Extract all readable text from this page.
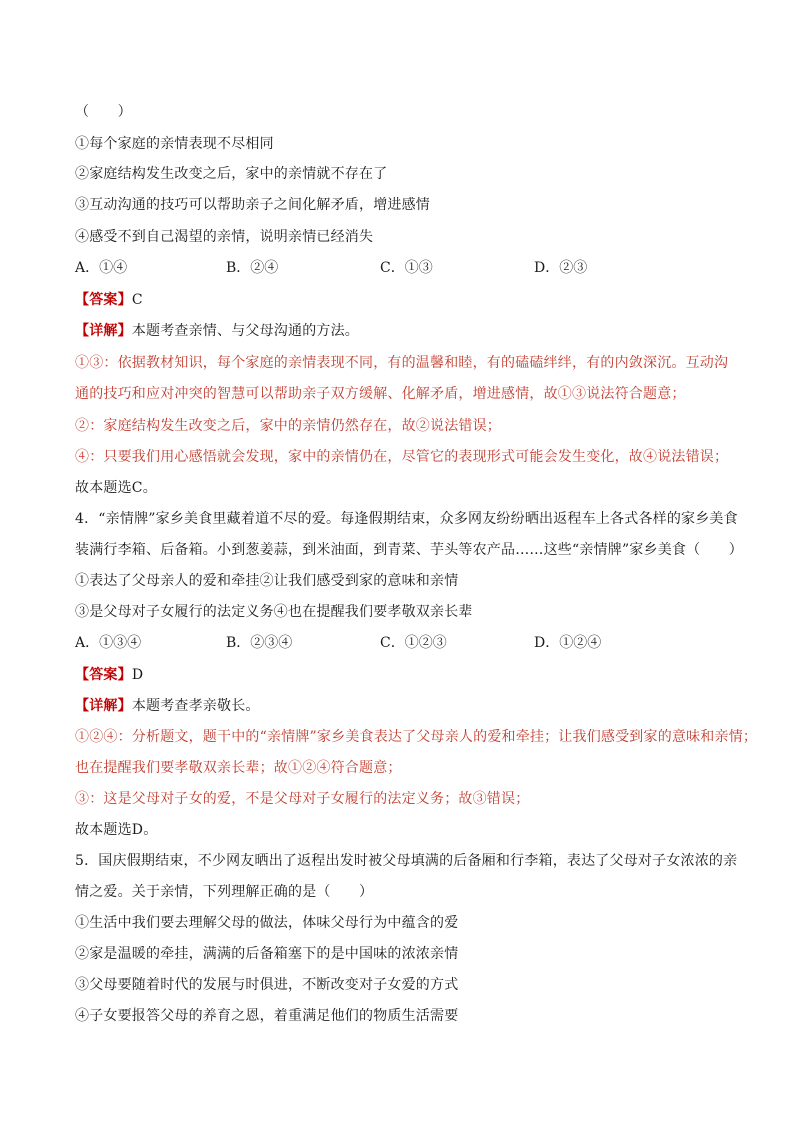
（　　）
①每个家庭的亲情表现不尽相同
②家庭结构发生改变之后，家中的亲情就不存在了
③互动沟通的技巧可以帮助亲子之间化解矛盾，增进感情
④感受不到自己渴望的亲情，说明亲情已经消失
A．①④	B．②④	C．①③	D．②③
【答案】C
【详解】本题考查亲情、与父母沟通的方法。
①③：依据教材知识，每个家庭的亲情表现不同，有的温馨和睦，有的磕磕绊绊，有的内敛深沉。互动沟
通的技巧和应对冲突的智慧可以帮助亲子双方缓解、化解矛盾，增进感情，故①③说法符合题意；
②：家庭结构发生改变之后，家中的亲情仍然存在，故②说法错误；
④：只要我们用心感悟就会发现，家中的亲情仍在，尽管它的表现形式可能会发生变化，故④说法错误；
故本题选C。
4．“亲情牌”家乡美食里藏着道不尽的爱。每逢假期结束，众多网友纷纷晒出返程车上各式各样的家乡美食
装满行李箱、后备箱。小到葱姜蒜，到米油面，到青菜、芋头等农产品……这些“亲情牌”家乡美食（　　）
①表达了父母亲人的爱和牵挂②让我们感受到家的意味和亲情
③是父母对子女履行的法定义务④也在提醒我们要孝敬双亲长辈
A．①③④	B．②③④	C．①②③	D．①②④
【答案】D
【详解】本题考查孝亲敬长。
①②④：分析题文，题干中的“亲情牌”家乡美食表达了父母亲人的爱和牵挂；让我们感受到家的意味和亲情；
也在提醒我们要孝敬双亲长辈；故①②④符合题意；
③：这是父母对子女的爱，不是父母对子女履行的法定义务；故③错误；
故本题选D。
5．国庆假期结束，不少网友晒出了返程出发时被父母填满的后备厢和行李箱，表达了父母对子女浓浓的亲
情之爱。关于亲情，下列理解正确的是（　　）
①生活中我们要去理解父母的做法，体味父母行为中蕴含的爱
②家是温暖的牵挂，满满的后备箱塞下的是中国味的浓浓亲情
③父母要随着时代的发展与时俱进，不断改变对子女爱的方式
④子女要报答父母的养育之恩，着重满足他们的物质生活需要
